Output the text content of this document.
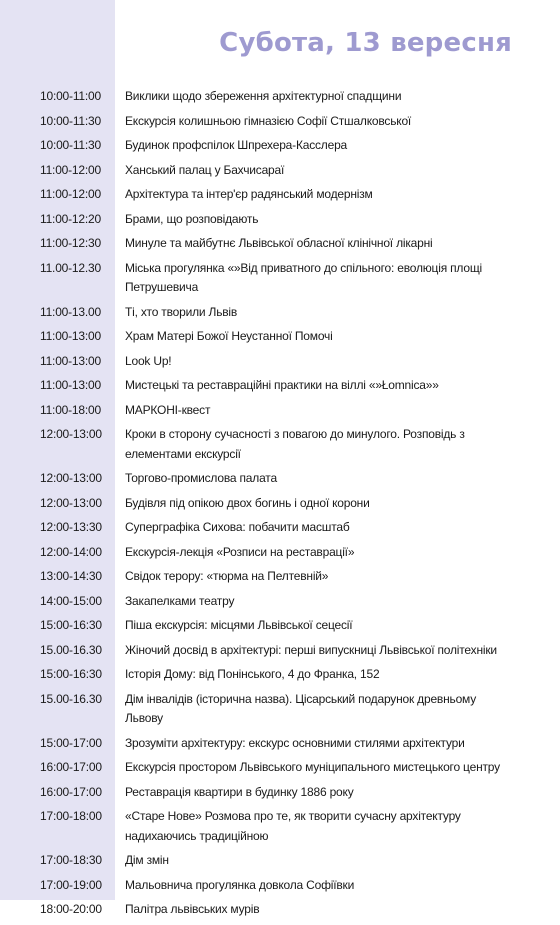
Субота, 13 вересня
10:00-11:00	Виклики щодо збереження архітектурної спадщини
10:00-11:30	Екскурсія колишньою гімназією Софії Стшалковської
10:00-11:30	Будинок профспілок Шпрехера-Касслера
11:00-12:00	Ханський палац у Бахчисараї
11:00-12:00	Архітектура та інтер'єр радянський модернізм
11:00-12:20	Брами, що розповідають
11:00-12:30	Минуле та майбутнє Львівської обласної клінічної лікарні
11.00-12.30	Міська прогулянка «»Від приватного до спільного: еволюція площі Петрушевича
11:00-13.00	Ті, хто творили Львів
11:00-13:00	Храм Матері Божої Неустанної Помочі
11:00-13:00	Look Up!
11:00-13:00	Мистецькі та реставраційні практики на віллі «»Łomnica»»
11:00-18:00	МАРКОНІ-квест
12:00-13:00	Кроки в сторону сучасності з повагою до минулого. Розповідь з елементами екскурсії
12:00-13:00	Торгово-промислова палата
12:00-13:00	Будівля під опікою двох богинь і одної корони
12:00-13:30	Суперграфіка Сихова: побачити масштаб
12:00-14:00	Екскурсія-лекція «Розписи на реставрації»
13:00-14:30	Свідок терору: «тюрма на Пелтевній»
14:00-15:00	Закапелками театру
15:00-16:30	Піша екскурсія: місцями Львівської сецесії
15.00-16.30	Жіночий досвід в архітектурі: перші випускниці Львівської політехніки
15:00-16:30	Історія Дому: від Понінського, 4 до Франка, 152
15.00-16.30	Дім інвалідів (історична назва). Цісарський подарунок древньому Львову
15:00-17:00	Зрозуміти архітектуру: екскурс основними стилями архітектури
16:00-17:00	Екскурсія простором Львівського муніципального мистецького центру
16:00-17:00	Реставрація квартири в будинку 1886 року
17:00-18:00	«Старе Нове» Розмова про те, як творити сучасну архітектуру надихаючись традиційною
17:00-18:30	Дім змін
17:00-19:00	Мальовнича прогулянка довкола Софіївки
18:00-20:00	Палітра львівських мурів
